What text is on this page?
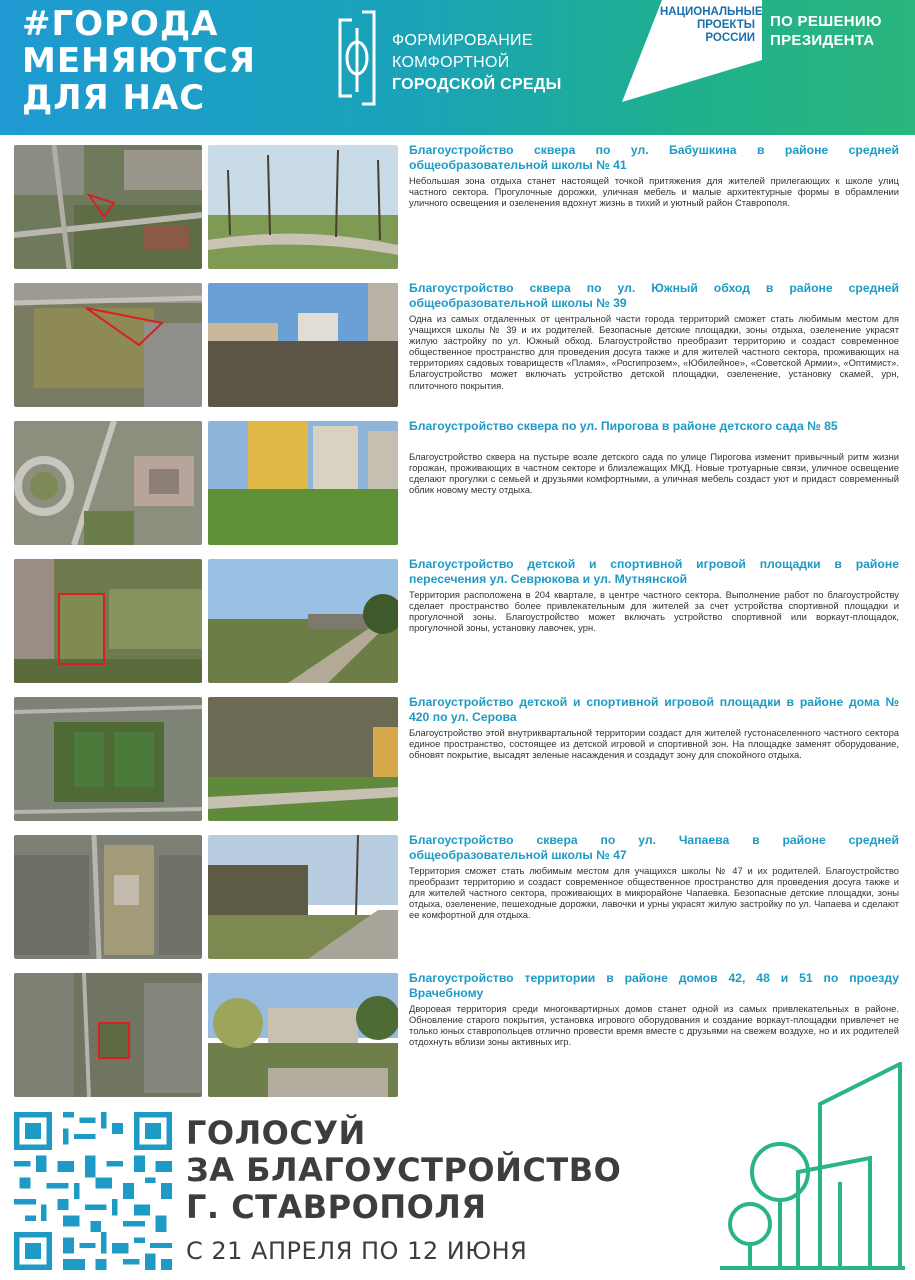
#ГОРОДА
МЕНЯЮТСЯ
ДЛЯ НАС
ФОРМИРОВАНИЕ
КОМФОРТНОЙ
ГОРОДСКОЙ СРЕДЫ
НАЦИОНАЛЬНЫЕ
ПРОЕКТЫ
РОССИИ
ПО РЕШЕНИЮ
ПРЕЗИДЕНТА
Благоустройство сквера по ул. Бабушкина в районе средней общеобразовательной школы № 41
Небольшая зона отдыха станет настоящей точкой притяжения для жителей прилегающих к школе улиц частного сектора. Прогулочные дорожки, уличная мебель и малые архитектурные формы в обрамлении уличного освещения и озеленения вдохнут жизнь в тихий и уютный район Ставрополя.
Благоустройство сквера по ул. Южный обход в районе средней общеобразовательной школы № 39
Одна из самых отдаленных от центральной части города территорий сможет стать любимым местом для учащихся школы № 39 и их родителей. Безопасные детские площадки, зоны отдыха, озеленение украсят жилую застройку по ул. Южный обход. Благоустройство преобразит территорию и создаст современное общественное пространство для проведения досуга также и для жителей частного сектора, проживающих на территориях садовых товариществ «Пламя», «Росгипрозем», «Юбилейное», «Советской Армии», «Оптимист». Благоустройство может включать устройство детской площадки, озеленение, установку скамей, урн, плиточного покрытия.
Благоустройство сквера по ул. Пирогова в районе детского сада № 85
Благоустройство сквера на пустыре возле детского сада по улице Пирогова изменит привычный ритм жизни горожан, проживающих в частном секторе и близлежащих МКД. Новые тротуарные связи, уличное освещение сделают прогулки с семьей и друзьями комфортными, а уличная мебель создаст уют и придаст современный облик новому месту отдыха.
Благоустройство детской и спортивной игровой площадки в районе пересечения ул. Севрюкова и ул. Мутнянской
Территория расположена в 204 квартале, в центре частного сектора. Выполнение работ по благоустройству сделает пространство более привлекательным для жителей за счет устройства спортивной площадки и прогулочной зоны. Благоустройство может включать устройство спортивной или воркаут-площадок, прогулочной зоны, установку лавочек, урн.
Благоустройство детской и спортивной игровой площадки в районе дома № 420 по ул. Серова
Благоустройство этой внутриквартальной территории создаст для жителей густонаселенного частного сектора единое пространство, состоящее из детской игровой и спортивной зон. На площадке заменят оборудование, обновят покрытие, высадят зеленые насаждения и создадут зону для спокойного отдыха.
Благоустройство сквера по ул. Чапаева в районе средней общеобразовательной школы № 47
Территория сможет стать любимым местом для учащихся школы № 47 и их родителей. Благоустройство преобразит территорию и создаст современное общественное пространство для проведения досуга также и для жителей частного сектора, проживающих в микрорайоне Чапаевка. Безопасные детские площадки, зоны отдыха, озеленение, пешеходные дорожки, лавочки и урны украсят жилую застройку по ул. Чапаева и сделают ее комфортной для отдыха.
Благоустройство территории в районе домов 42, 48 и 51 по проезду Врачебному
Дворовая территория среди многоквартирных домов станет одной из самых привлекательных в районе. Обновление старого покрытия, установка игрового оборудования и создание воркаут-площадки привлечет не только юных ставропольцев отлично провести время вместе с друзьями на свежем воздухе, но и их родителей отдохнуть вблизи зоны активных игр.
ГОЛОСУЙ
ЗА БЛАГОУСТРОЙСТВО
Г. СТАВРОПОЛЯ
С 21 АПРЕЛЯ ПО 12 ИЮНЯ
